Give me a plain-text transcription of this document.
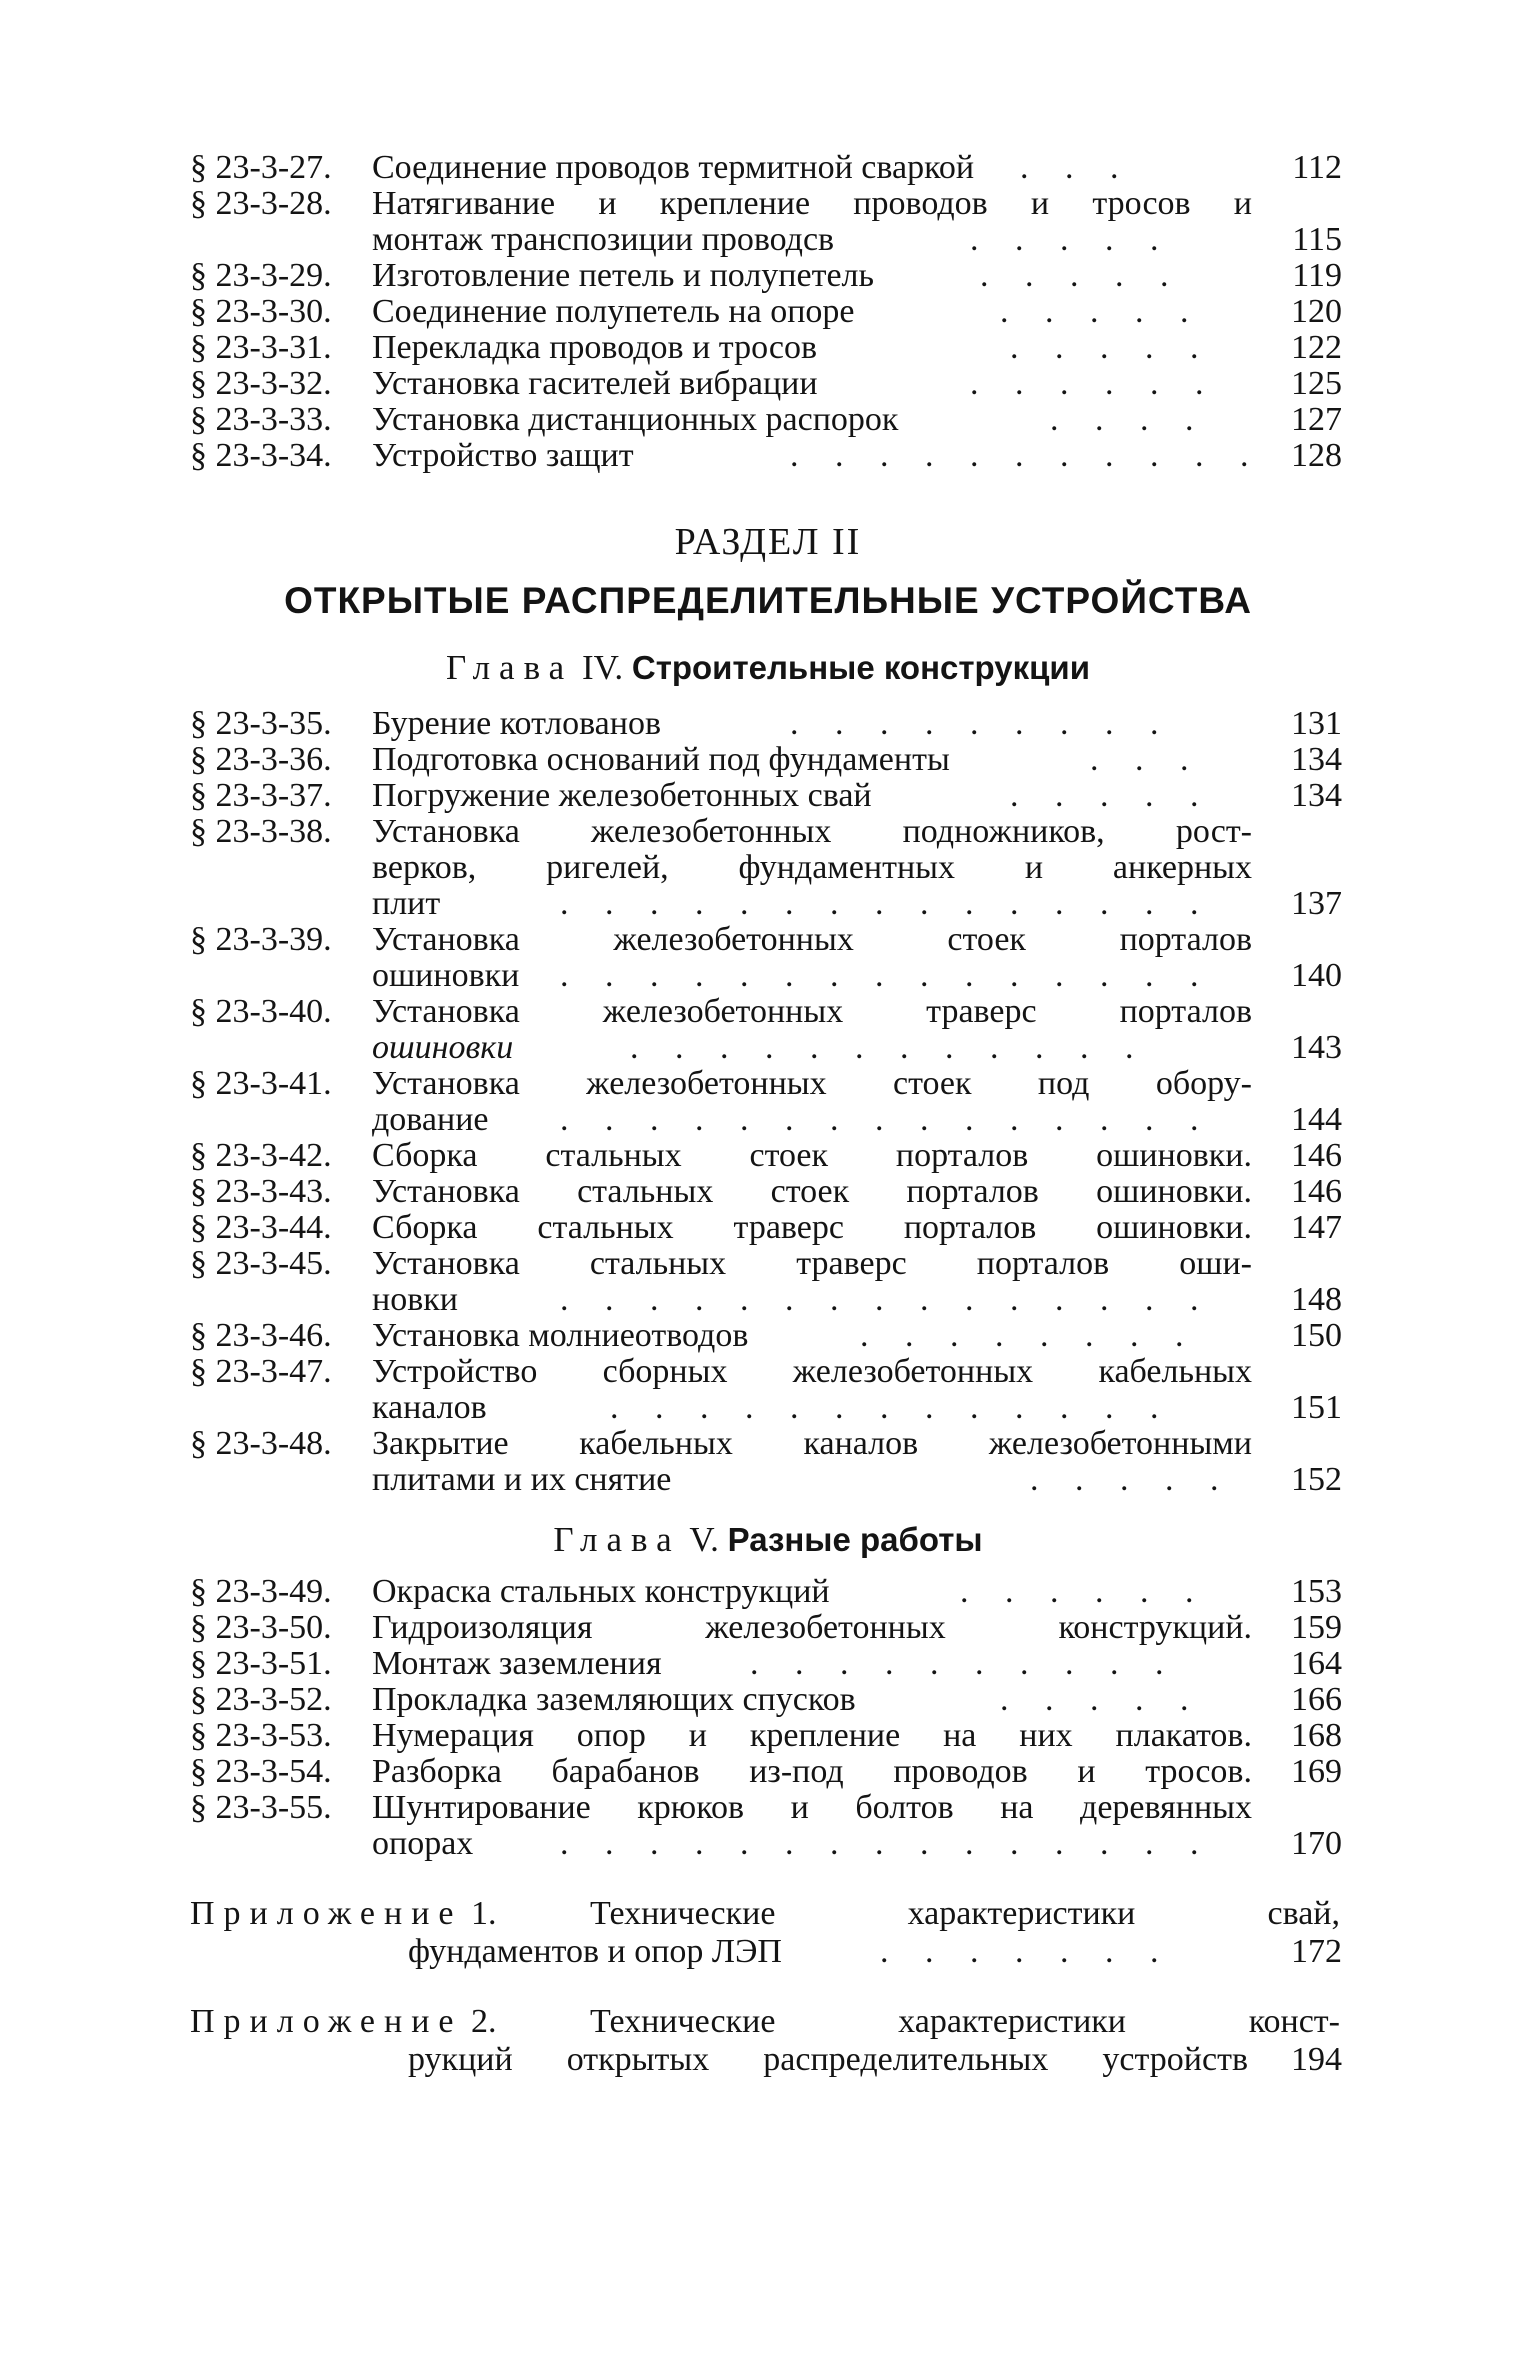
§ 23-3-27.	Соединение проводов термитной сваркой	. . .	112
§ 23-3-28.	Натягивание и крепление проводов и тросов и
монтаж транспозиции проводсв	. . . . .	115
§ 23-3-29.	Изготовление петель и полупетель	. . . . .	119
§ 23-3-30.	Соединение полупетель на опоре	. . . . .	120
§ 23-3-31.	Перекладка проводов и тросов	. . . . .	122
§ 23-3-32.	Установка гасителей вибрации	. . . . . .	125
§ 23-3-33.	Установка дистанционных распорок	. . . .	127
§ 23-3-34.	Устройство защит	. . . . . . . . . . . 128
РАЗДЕЛ II
ОТКРЫТЫЕ РАСПРЕДЕЛИТЕЛЬНЫЕ УСТРОЙСТВА
Глава IV. Строительные конструкции
§ 23-3-35.	Бурение котлованов	. . . . . . . . .	131
§ 23-3-36.	Подготовка оснований под фундаменты	. . .	134
§ 23-3-37.	Погружение железобетонных свай	. . . . .	134
§ 23-3-38.	Установка железобетонных подножников, рост-
верков, ригелей, фундаментных и анкерных
плит	. . . . . . . . . . . . . . .	137
§ 23-3-39.	Установка железобетонных стоек порталов
ошиновки	. . . . . . . . . . . . . . .	140
§ 23-3-40.	Установка железобетонных траверс порталов
ошиновки	. . . . . . . . . . . .	143
§ 23-3-41.	Установка железобетонных стоек под обору-
дование	. . . . . . . . . . . . . . .	144
§ 23-3-42.	Сборка стальных стоек порталов ошиновки. 146
§ 23-3-43.	Установка стальных стоек порталов ошиновки. 146
§ 23-3-44.	Сборка стальных траверс порталов ошиновки. 147
§ 23-3-45.	Установка стальных траверс порталов оши-
новки	. . . . . . . . . . . . . . .	148
§ 23-3-46.	Установка молниеотводов	. . . . . . . .	150
§ 23-3-47.	Устройство сборных железобетонных кабельных
каналов	. . . . . . . . . . . . .	151
§ 23-3-48.	Закрытие кабельных каналов железобетонными
плитами и их снятие	. . . . .	152
Глава V. Разные работы
§ 23-3-49.	Окраска стальных конструкций	. . . . . .	153
§ 23-3-50.	Гидроизоляция железобетонных конструкций. 159
§ 23-3-51.	Монтаж заземления	. . . . . . . . . .	164
§ 23-3-52.	Прокладка заземляющих спусков	. . . . .	166
§ 23-3-53.	Нумерация опор и крепление на них плакатов. 168
§ 23-3-54.	Разборка барабанов из-под проводов и тросов. 169
§ 23-3-55.	Шунтирование крюков и болтов на деревянных
опорах	. . . . . . . . . . . . . . .	170
Приложение 1.	Технические характеристики свай,
фундаментов и опор ЛЭП	. . . . . . .	172
Приложение 2.	Технические характеристики конст-
рукций открытых распределительных устройств 194
